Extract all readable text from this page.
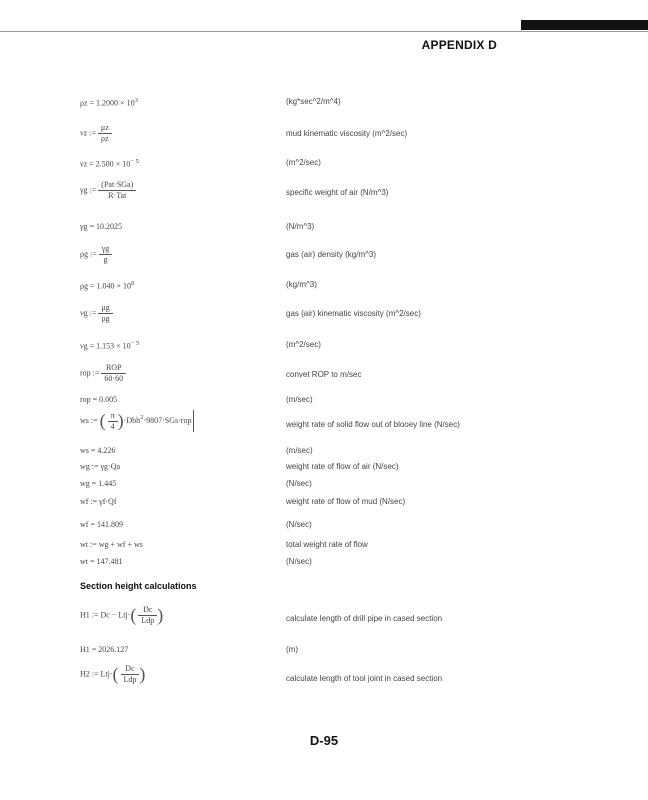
APPENDIX D
$\rho z = 1.2000 \times 10^3$	(kg*sec^2/m^4)
νz := $\frac{\mu z}{\rho z}$	mud kinematic viscosity (m^2/sec)
$\nu z = 2.500 \times 10^{- 5}$	(m^2/sec)
γg := $\frac{\text{(Pat·SGa)}}{\text{R·Tat}}$	specific weight of air (N/m^3)
γg = 10.2025	(N/m^3)
ρg := $\frac{\gamma g}{g}$	gas (air) density (kg/m^3)
$\rho g = 1.040 \times 10^0$	(kg/m^3)
νg := $\frac{\mu g}{\rho g}$	gas (air) kinematic viscosity (m^2/sec)
$\nu g = 1.153 \times 10^{- 5}$	(m^2/sec)
rop := $\frac{\text{ROP}}{60\cdot 60}$	convet ROP to m/sec
rop = 0.005	(m/sec)
ws := ( $\frac{\pi}{4} )\cdot Dbh^2\cdot 9807\cdot SGs\cdot rop$	weight rate of solid flow out of blooey line (N/sec)
ws = 4.226	(m/sec)
wg := γg·Qa	weight rate of flow of air (N/sec)
wg = 1.445	(N/sec)
wf := γf·Qf	weight rate of flow of mud (N/sec)
wf = 141.809	(N/sec)
wt := wg + wf + ws	total weight rate of flow
wt = 147.481	(N/sec)
Section height calculations
H1 := $Dc - Ltj\cdot( \frac{Dc}{\text{Ldp}}$ )	calculate length of drill pipe in cased section
H1 = 2026.127	(m)
H2 := $Ltj\cdot( \frac{Dc}{\text{Ldp}}$ )	calculate length of tool joint in cased section
D-95
